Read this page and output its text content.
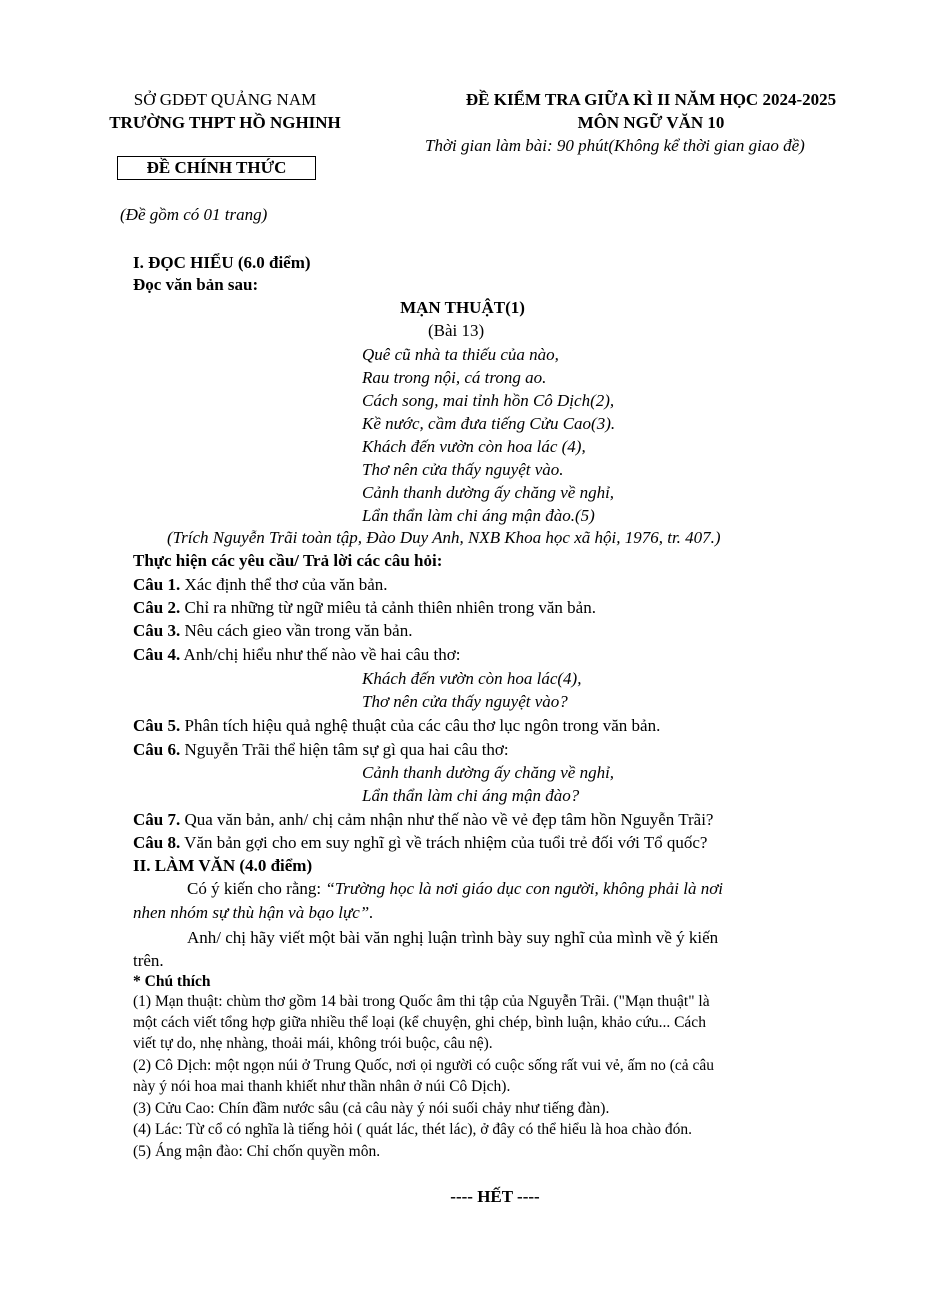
SỞ GDĐT QUẢNG NAM
TRƯỜNG THPT HỒ NGHINH
ĐỀ CHÍNH THỨC
(Đề gồm có 01 trang)
ĐỀ KIỂM TRA GIỮA KÌ II NĂM HỌC 2024-2025
MÔN NGỮ VĂN 10
Thời gian làm bài: 90 phút(Không kể thời gian giao đề)
I. ĐỌC HIỂU (6.0 điểm)
Đọc văn bản sau:
MẠN THUẬT(1)
(Bài 13)
Quê cũ nhà ta thiếu của nào,
Rau trong nội, cá trong ao.
Cách song, mai tỉnh hồn Cô Dịch(2),
Kề nước, cầm đưa tiếng Cửu Cao(3).
Khách đến vườn còn hoa lác (4),
Thơ nên cửa thấy nguyệt vào.
Cảnh thanh dường ấy chăng về nghỉ,
Lẩn thẩn làm chi áng mận đào.(5)
(Trích Nguyễn Trãi toàn tập, Đào Duy Anh, NXB Khoa học xã hội, 1976, tr. 407.)
Thực hiện các yêu cầu/ Trả lời các câu hỏi:
Câu 1. Xác định thể thơ của văn bản.
Câu 2. Chỉ ra những từ ngữ miêu tả cảnh thiên nhiên trong văn bản.
Câu 3. Nêu cách gieo vần trong văn bản.
Câu 4. Anh/chị hiểu như thế nào về hai câu thơ:
Khách đến vườn còn hoa lác(4),
Thơ nên cửa thấy nguyệt vào?
Câu 5. Phân tích hiệu quả nghệ thuật của các câu thơ lục ngôn trong văn bản.
Câu 6. Nguyễn Trãi thể hiện tâm sự gì qua hai câu thơ:
Cảnh thanh dường ấy chăng về nghỉ,
Lẩn thẩn làm chi áng mận đào?
Câu 7. Qua văn bản, anh/ chị cảm nhận như thế nào về vẻ đẹp tâm hồn Nguyễn Trãi?
Câu 8. Văn bản gợi cho em suy nghĩ gì về trách nhiệm của tuổi trẻ đối với Tổ quốc?
II. LÀM VĂN (4.0 điểm)
Có ý kiến cho rằng: “Trường học là nơi giáo dục con người, không phải là nơi
nhen nhóm sự thù hận và bạo lực”.
Anh/ chị hãy viết một bài văn nghị luận trình bày suy nghĩ của mình về ý kiến
trên.
* Chú thích
(1) Mạn thuật: chùm thơ gồm 14 bài trong Quốc âm thi tập của Nguyễn Trãi. ("Mạn thuật" là
một cách viết tổng hợp giữa nhiều thể loại (kể chuyện, ghi chép, bình luận, khảo cứu... Cách
viết tự do, nhẹ nhàng, thoải mái, không trói buộc, câu nệ).
(2) Cô Dịch: một ngọn núi ở Trung Quốc, nơi ọi người có cuộc sống rất vui vẻ, ấm no (cả câu
này ý nói hoa mai thanh khiết như thần nhân ở núi Cô Dịch).
(3) Cửu Cao: Chín đầm nước sâu (cả câu này ý nói suối chảy như tiếng đàn).
(4) Lác: Từ cổ có nghĩa là tiếng hỏi ( quát lác, thét lác), ở đây có thể hiểu là hoa chào đón.
(5) Áng mận đào: Chỉ chốn quyền môn.
---- HẾT ----
